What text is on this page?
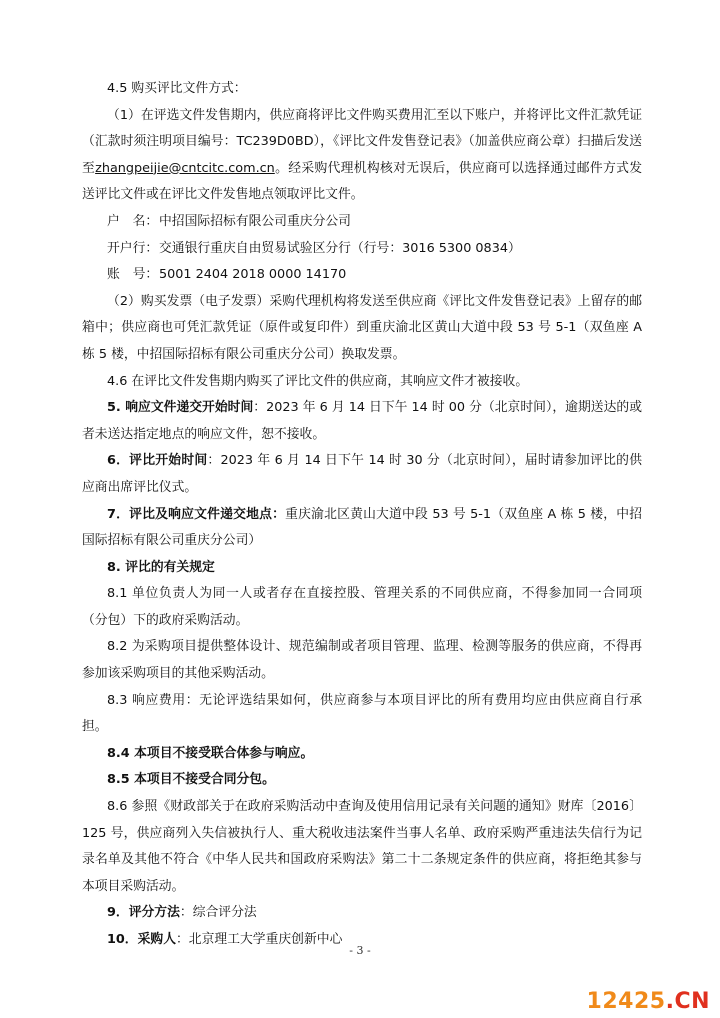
4.5 购买评比文件方式：

（1）在评选文件发售期内，供应商将评比文件购买费用汇至以下账户，并将评比文件汇款凭证（汇款时须注明项目编号：TC239D0BD），《评比文件发售登记表》（加盖供应商公章）扫描后发送至zhangpeijie@cntcitc.com.cn。经采购代理机构核对无误后，供应商可以选择通过邮件方式发送评比文件或在评比文件发售地点领取评比文件。

户　名： 中招国际招标有限公司重庆分公司
开户行： 交通银行重庆自由贸易试验区分行（行号：3016 5300 0834）
账　号： 5001 2404 2018 0000 14170

（2）购买发票（电子发票）采购代理机构将发送至供应商《评比文件发售登记表》上留存的邮箱中；供应商也可凭汇款凭证（原件或复印件）到重庆渝北区黄山大道中段 53 号 5-1（双鱼座 A 栋 5 楼，中招国际招标有限公司重庆分公司）换取发票。

4.6 在评比文件发售期内购买了评比文件的供应商，其响应文件才被接收。

5. 响应文件递交开始时间：2023 年 6 月 14 日下午 14 时 00 分（北京时间），逾期送达的或者未送达指定地点的响应文件，恕不接收。

6．评比开始时间：2023 年 6 月 14 日下午 14 时 30 分（北京时间），届时请参加评比的供应商出席评比仪式。

7．评比及响应文件递交地点：重庆渝北区黄山大道中段 53 号 5-1（双鱼座 A 栋 5 楼，中招国际招标有限公司重庆分公司）

8. 评比的有关规定

8.1 单位负责人为同一人或者存在直接控股、管理关系的不同供应商，不得参加同一合同项（分包）下的政府采购活动。

8.2 为采购项目提供整体设计、规范编制或者项目管理、监理、检测等服务的供应商，不得再参加该采购项目的其他采购活动。

8.3 响应费用：无论评选结果如何，供应商参与本项目评比的所有费用均应由供应商自行承担。

8.4 本项目不接受联合体参与响应。

8.5 本项目不接受合同分包。

8.6 参照《财政部关于在政府采购活动中查询及使用信用记录有关问题的通知》财库〔2016〕125 号，供应商列入失信被执行人、重大税收违法案件当事人名单、政府采购严重违法失信行为记录名单及其他不符合《中华人民共和国政府采购法》第二十二条规定条件的供应商，将拒绝其参与本项目采购活动。

9．评分方法：综合评分法

10．采购人：北京理工大学重庆创新中心

- 3 -
12425.CN
